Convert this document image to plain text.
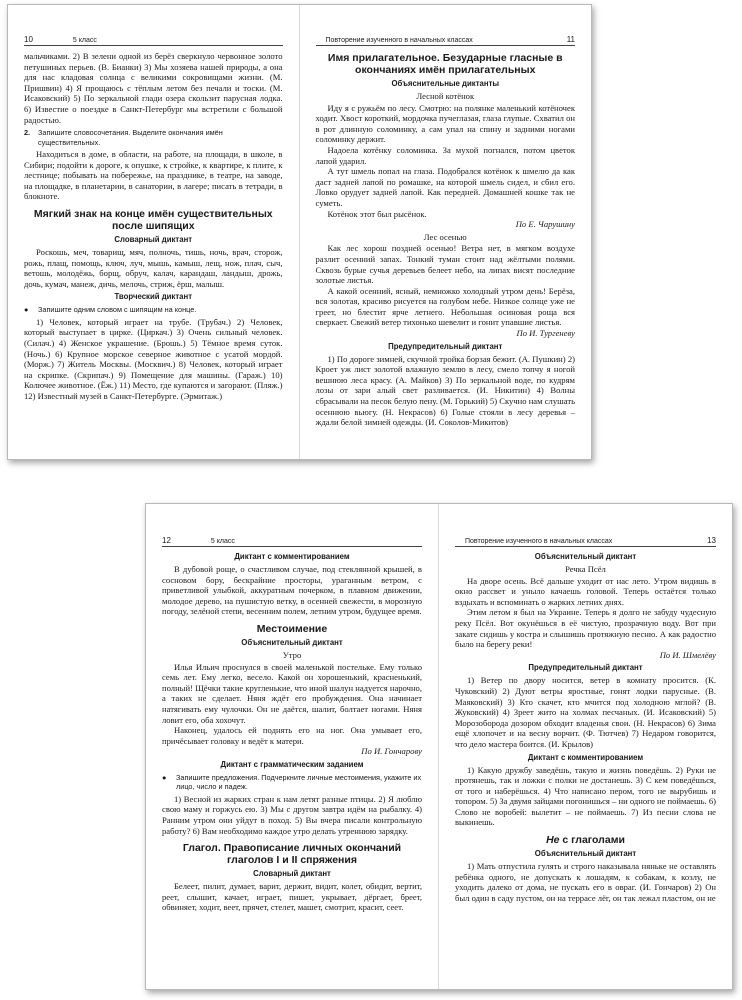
10	5 класс

мальчиками. 2) В зелени одной из берёз сверкнуло червонное золото петушиных перьев. (В. Бианки) 3) Мы хозяева нашей природы, а она для нас кладовая солнца с великими сокровищами жизни. (М. Пришвин) 4) Я прощаюсь с тёплым летом без печали и тоски. (М. Исаковский) 5) По зеркальной глади озера скользит парусная лодка. 6) Известие о поездке в Санкт-Петербург мы встретили с большой радостью.

2.	Запишите словосочетания. Выделите окончания имён существительных.

Находиться в доме, в области, на работе, на площади, в школе, в Сибири; подойти к дороге, к опушке, к стройке, к квартире, к плите, к лестнице; побывать на побережье, на празднике, в театре, на заводе, на площадке, в планетарии, в санатории, в лагере; писать в тетради, в блокноте.

Мягкий знак на конце имён существительных после шипящих
Словарный диктант

Роскошь, меч, товарищ, мяч, полночь, тишь, ночь, врач, сторож, рожь, плащ, помощь, ключ, луч, мышь, камыш, лещ, нож, плач, сыч, ветошь, молодёжь, борщ, обруч, калач, карандаш, ландыш, дрожь, дочь, кумач, манеж, дичь, мелочь, стриж, ёрш, малыш.

Творческий диктант
●	Запишите одним словом с шипящим на конце.

1) Человек, который играет на трубе. (Трубач.) 2) Человек, который выступает в цирке. (Циркач.) 3) Очень сильный человек. (Силач.) 4) Женское украшение. (Брошь.) 5) Тёмное время суток. (Ночь.) 6) Крупное морское северное животное с усатой мордой. (Морж.) 7) Житель Москвы. (Москвич.) 8) Человек, который играет на скрипке. (Скрипач.) 9) Помещение для машины. (Гараж.) 10) Колючее животное. (Ёж.) 11) Место, где купаются и загорают. (Пляж.) 12) Известный музей в Санкт-Петербурге. (Эрмитаж.)

Повторение изученного в начальных классах	11
Имя прилагательное. Безударные гласные в окончаниях имён прилагательных
Объяснительные диктанты
Лесной котёнок

Иду я с ружьём по лесу. Смотрю: на полянке маленький котёночек ходит. Хвост короткий, мордочка пучеглазая, глаза глупые. Схватил он в рот длинную соломинку, а сам упал на спину и задними ногами соломинку держит.

Надоела котёнку соломинка. За мухой погнался, потом цветок лапой ударил.

А тут шмель попал на глаза. Подобрался котёнок к шмелю да как даст задней лапой по ромашке, на которой шмель сидел, и сбил его. Ловко орудует задней лапой. Как передней. Домашней кошке так не суметь.

Котёнок этот был рысёнок.

По Е. Чарушину
Лес осенью

Как лес хорош поздней осенью! Ветра нет, в мягком воздухе разлит осенний запах. Тонкий туман стоит над жёлтыми полями. Сквозь бурые сучья деревьев белеет небо, на липах висят последние золотые листья.

А какой осенний, ясный, немножко холодный утром день! Берёза, вся золотая, красиво рисуется на голубом небе. Низкое солнце уже не греет, но блестит ярче летнего. Небольшая осиновая роща вся сверкает. Свежий ветер тихонько шевелит и гонит упавшие листья.

По И. Тургеневу
Предупредительный диктант

1) По дороге зимней, скучной тройка борзая бежит. (А. Пушкин) 2) Кроет уж лист золотой влажную землю в лесу, смело топчу я ногой вешнюю леса красу. (А. Майков) 3) По зеркальной воде, по кудрям лозы от зари алый свет разливается. (И. Никитин) 4) Волны сбрасывали на песок белую пену. (М. Горький) 5) Скучно нам слушать осеннюю вьюгу. (Н. Некрасов) 6) Голые стояли в лесу деревья – ждали белой зимней одежды. (И. Соколов-Микитов)

12	5 класс
Диктант с комментированием

В дубовой роще, о счастливом случае, под стеклянной крышей, в сосновом бору, бескрайние просторы, ураганным ветром, с приветливой улыбкой, аккуратным почерком, в плавном движении, молодое дерево, на пушистую ветку, в осенней свежести, в морозную погоду, зелёной степи, весенним полем, летним утром, будущее время.

Местоимение
Объяснительный диктант
Утро

Илья Ильич проснулся в своей маленькой постельке. Ему только семь лет. Ему легко, весело. Какой он хорошенький, красненький, полный! Щёчки такие кругленькие, что иной шалун надуется нарочно, а таких не сделает. Няня ждёт его пробуждения. Она начинает натягивать ему чулочки. Он не даётся, шалит, болтает ногами. Няня ловит его, оба хохочут.

Наконец, удалось ей поднять его на ног. Она умывает его, причёсывает головку и ведёт к матери.

По И. Гончарову
Диктант с грамматическим заданием
●	Запишите предложения. Подчеркните личные местоимения, укажите их лицо, число и падеж.

1) Весной из жарких стран к нам летят разные птицы. 2) Я люблю свою маму и горжусь ею. 3) Мы с другом завтра идём на рыбалку. 4) Ранним утром они уйдут в поход. 5) Вы вчера писали контрольную работу? 6) Вам необходимо каждое утро делать утреннюю зарядку.

Глагол. Правописание личных окончаний глаголов I и II спряжения
Словарный диктант

Белеет, пилит, думает, варит, держит, видит, колет, обидит, вертит, реет, слышит, качает, играет, пишет, укрывает, дёргает, бреет, обвиняет, ходит, веет, прячет, стелет, машет, смотрит, красит, сеет.

Повторение изученного в начальных классах	13
Объяснительный диктант
Речка Псёл

На дворе осень. Всё дальше уходит от нас лето. Утром видишь в окно рассвет и уныло качаешь головой. Теперь остаётся только вздыхать и вспоминать о жарких летних днях.

Этим летом я был на Украине. Теперь я долго не забуду чудесную реку Псёл. Вот окунёшься в её чистую, прозрачную воду. Вот при закате сидишь у костра и слышишь протяжную песню. А как радостно было на берегу реки!

По И. Шмелёву
Предупредительный диктант

1) Ветер по двору носится, ветер в комнату просится. (К. Чуковский) 2) Дуют ветры яростные, гонят лодки парусные. (В. Маяковский) 3) Кто скачет, кто мчится под холодною мглой? (В. Жуковский) 4) Зреет жито на холмах песчаных. (И. Исаковский) 5) Морозоборода дозором обходит владенья свои. (Н. Некрасов) 6) Зима ещё хлопочет и на весну ворчит. (Ф. Тютчев) 7) Недаром говорится, что дело мастера боится. (И. Крылов)

Диктант с комментированием

1) Какую дружбу заведёшь, такую и жизнь поведёшь. 2) Руки не протянешь, так и ложки с полки не достанешь. 3) С кем поведёшься, от того и наберёшься. 4) Что написано пером, того не вырубишь и топором. 5) За двумя зайцами погонишься – ни одного не поймаешь. 6) Слово не воробей: вылетит – не поймаешь. 7) Из песни слова не выкинешь.

Не с глаголами
Объяснительный диктант

1) Мать отпустила гулять и строго наказывала няньке не оставлять ребёнка одного, не допускать к лошадям, к собакам, к козлу, не уходить далеко от дома, не пускать его в овраг. (И. Гончаров) 2) Он был один в саду пустом, он на террасе лёг, он так лежал пластом, он не
